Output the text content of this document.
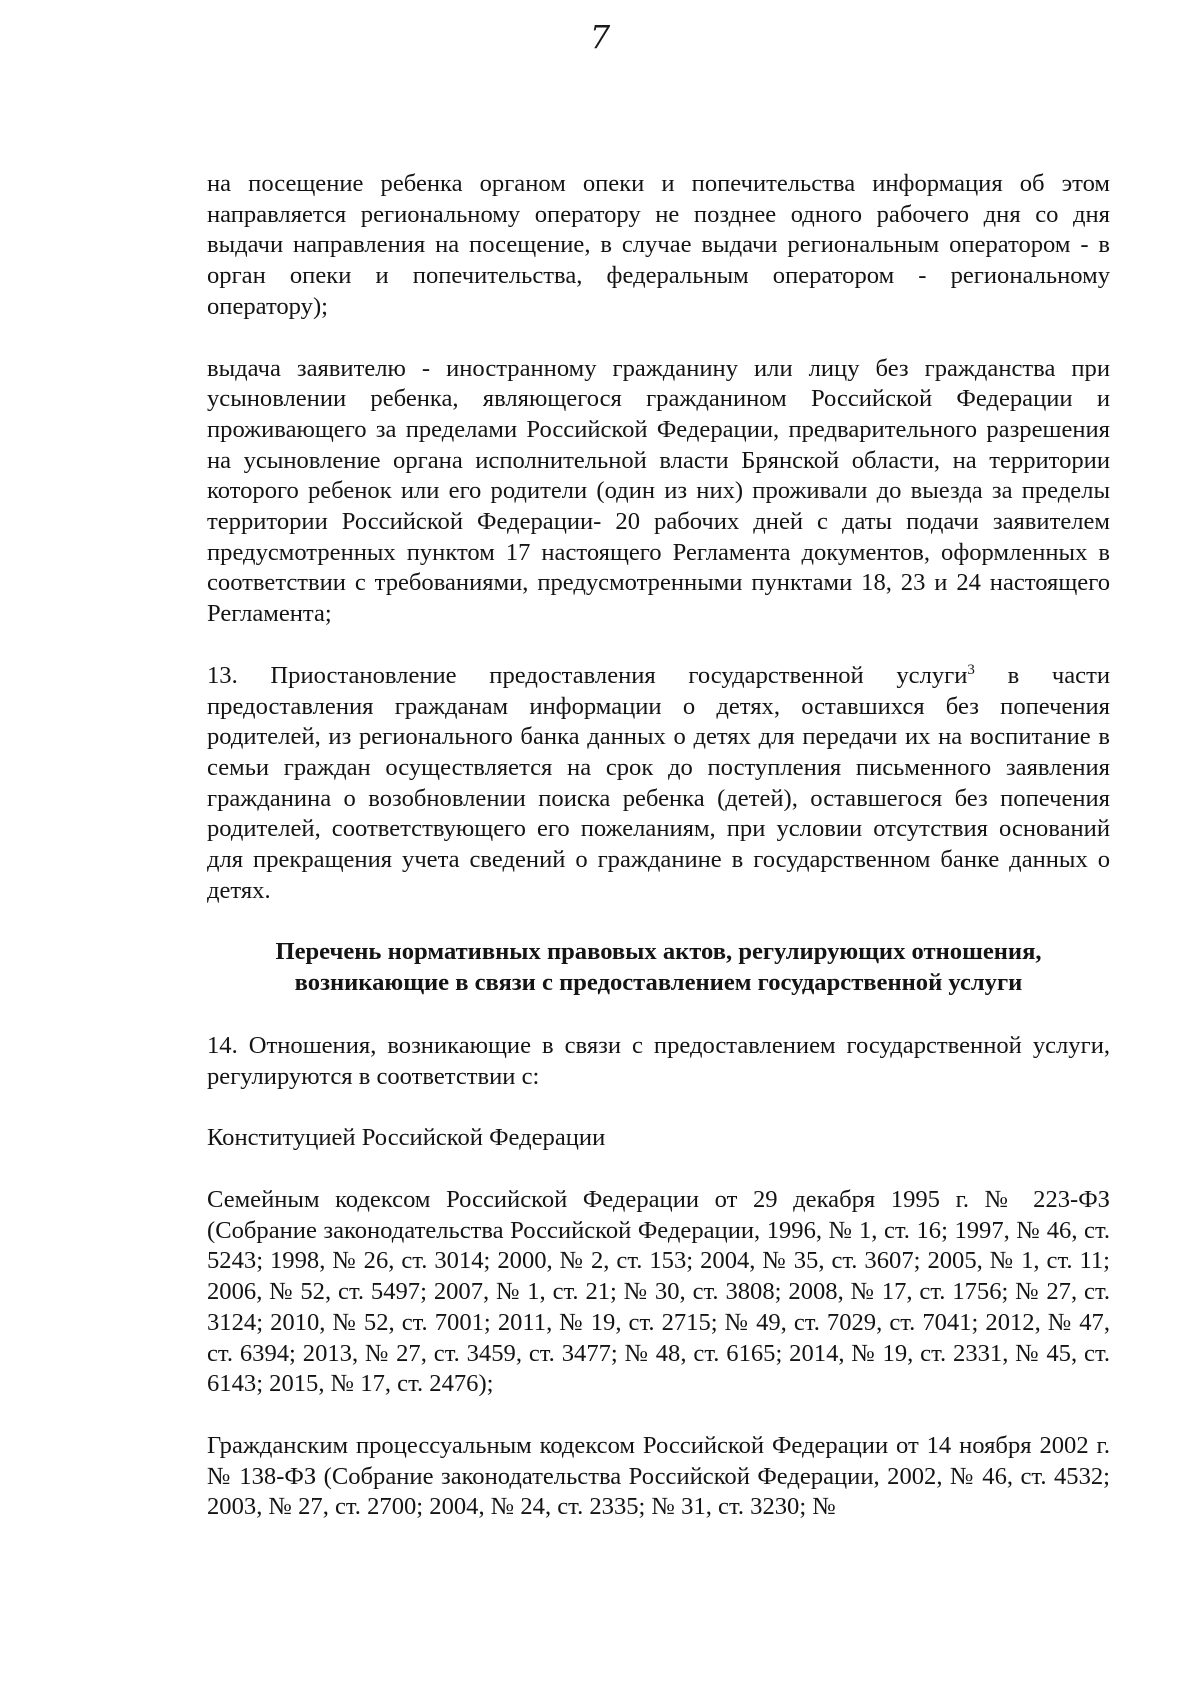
7

на посещение ребенка органом опеки и попечительства информация об этом направляется региональному оператору не позднее одного рабочего дня со дня выдачи направления на посещение, в случае выдачи региональным оператором - в орган опеки и попечительства, федеральным оператором - региональному оператору);

выдача заявителю - иностранному гражданину или лицу без гражданства при усыновлении ребенка, являющегося гражданином Российской Федерации и проживающего за пределами Российской Федерации, предварительного разрешения на усыновление органа исполнительной власти Брянской области, на территории которого ребенок или его родители (один из них) проживали до выезда за пределы территории Российской Федерации- 20 рабочих дней с даты подачи заявителем предусмотренных пунктом 17 настоящего Регламента документов, оформленных в соответствии с требованиями, предусмотренными пунктами 18, 23 и 24 настоящего Регламента;

13. Приостановление предоставления государственной услуги$^3$ в части предоставления гражданам информации о детях, оставшихся без попечения родителей, из регионального банка данных о детях для передачи их на воспитание в семьи граждан осуществляется на срок до поступления письменного заявления гражданина о возобновлении поиска ребенка (детей), оставшегося без попечения родителей, соответствующего его пожеланиям, при условии отсутствия оснований для прекращения учета сведений о гражданине в государственном банке данных о детях.

Перечень нормативных правовых актов, регулирующих отношения,
возникающие в связи с предоставлением государственной услуги

14. Отношения, возникающие в связи с предоставлением государственной услуги, регулируются в соответствии с:

Конституцией Российской Федерации

Семейным кодексом Российской Федерации от 29 декабря 1995 г. № 223-ФЗ (Собрание законодательства Российской Федерации, 1996, № 1, ст. 16; 1997, № 46, ст. 5243; 1998, № 26, ст. 3014; 2000, № 2, ст. 153; 2004, № 35, ст. 3607; 2005, № 1, ст. 11; 2006, № 52, ст. 5497; 2007, № 1, ст. 21; № 30, ст. 3808; 2008, № 17, ст. 1756; № 27, ст. 3124; 2010, № 52, ст. 7001; 2011, № 19, ст. 2715; № 49, ст. 7029, ст. 7041; 2012, № 47, ст. 6394; 2013, № 27, ст. 3459, ст. 3477; № 48, ст. 6165; 2014, № 19, ст. 2331, № 45, ст. 6143; 2015, № 17, ст. 2476);

Гражданским процессуальным кодексом Российской Федерации от 14 ноября 2002 г. № 138-ФЗ (Собрание законодательства Российской Федерации, 2002, № 46, ст. 4532; 2003, № 27, ст. 2700; 2004, № 24, ст. 2335; № 31, ст. 3230; №
